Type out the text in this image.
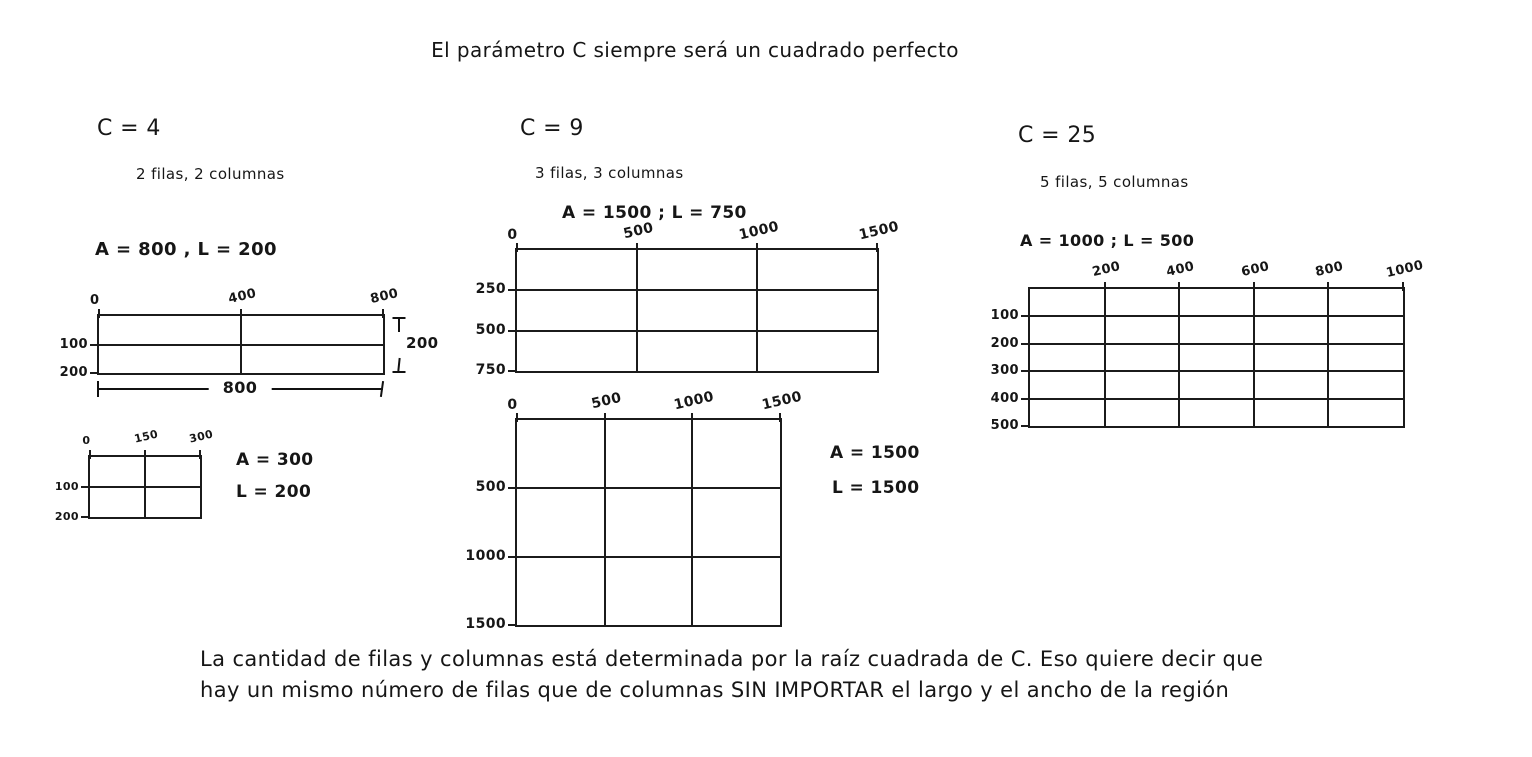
El parámetro C siempre será un cuadrado perfecto
C = 4
2 filas, 2 columnas
A = 800 , L = 200
0	400	800
100
200
200
800
0	150	300
100
200
A = 300
L = 200
C = 9
3 filas, 3 columnas
A = 1500 ; L = 750
0	500	1000	1500
250
500
750
0	500	1000	1500
500
1000
1500
A = 1500
L = 1500
C = 25
5 filas, 5 columnas
A = 1000 ; L = 500
200	400	600	800	1000
100
200
300
400
500
La cantidad de filas y columnas está determinada por la raíz cuadrada de C. Eso quiere decir que
hay un mismo número de filas que de columnas SIN IMPORTAR el largo y el ancho de la región
